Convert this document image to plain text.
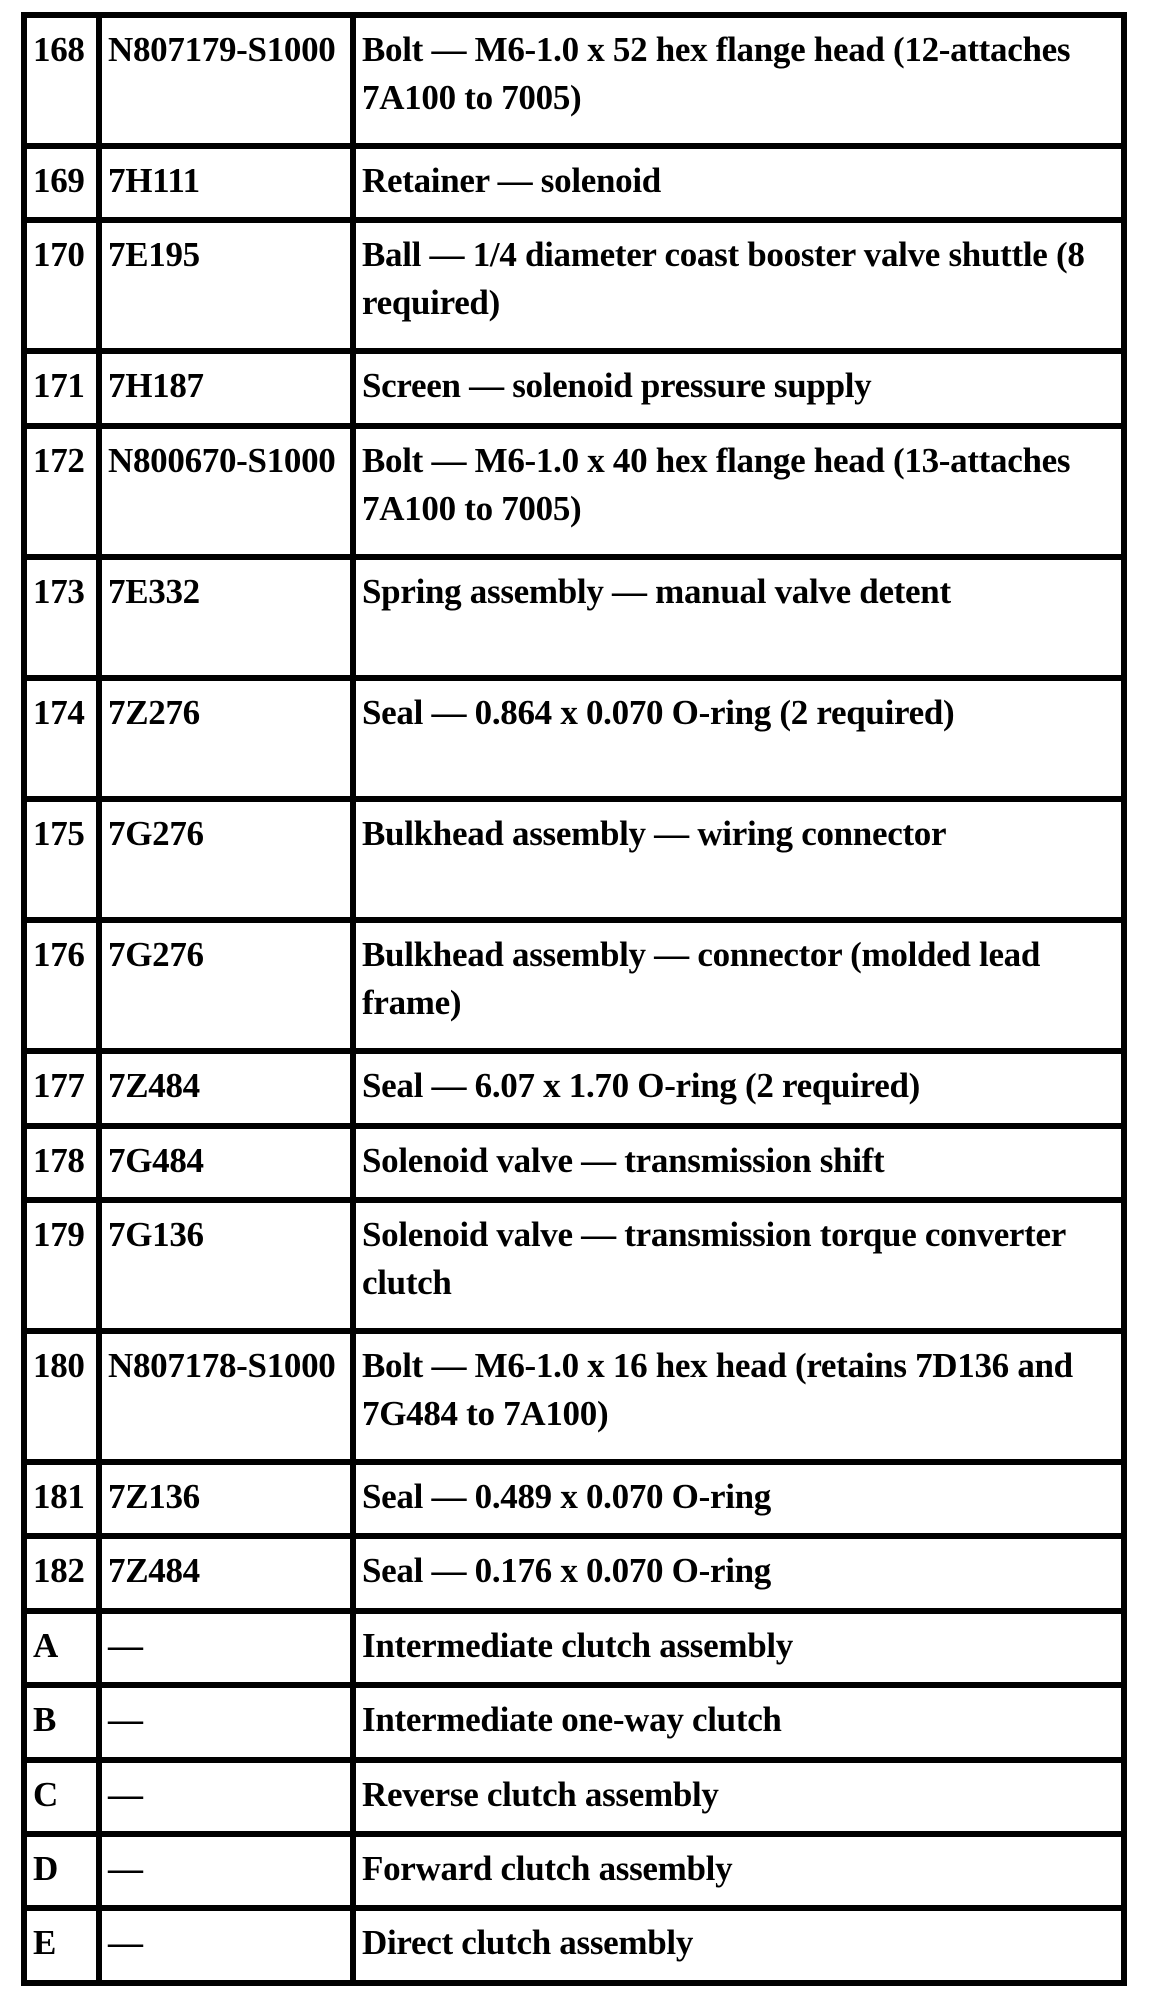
168	N807179-S1000	Bolt — M6-1.0 x 52 hex flange head (12-attaches 7A100 to 7005)
169	7H111	Retainer — solenoid
170	7E195	Ball — 1/4 diameter coast booster valve shuttle (8 required)
171	7H187	Screen — solenoid pressure supply
172	N800670-S1000	Bolt — M6-1.0 x 40 hex flange head (13-attaches 7A100 to 7005)
173	7E332	Spring assembly — manual valve detent
174	7Z276	Seal — 0.864 x 0.070 O-ring (2 required)
175	7G276	Bulkhead assembly — wiring connector
176	7G276	Bulkhead assembly — connector (molded lead frame)
177	7Z484	Seal — 6.07 x 1.70 O-ring (2 required)
178	7G484	Solenoid valve — transmission shift
179	7G136	Solenoid valve — transmission torque converter clutch
180	N807178-S1000	Bolt — M6-1.0 x 16 hex head (retains 7D136 and 7G484 to 7A100)
181	7Z136	Seal — 0.489 x 0.070 O-ring
182	7Z484	Seal — 0.176 x 0.070 O-ring
A	—	Intermediate clutch assembly
B	—	Intermediate one-way clutch
C	—	Reverse clutch assembly
D	—	Forward clutch assembly
E	—	Direct clutch assembly
